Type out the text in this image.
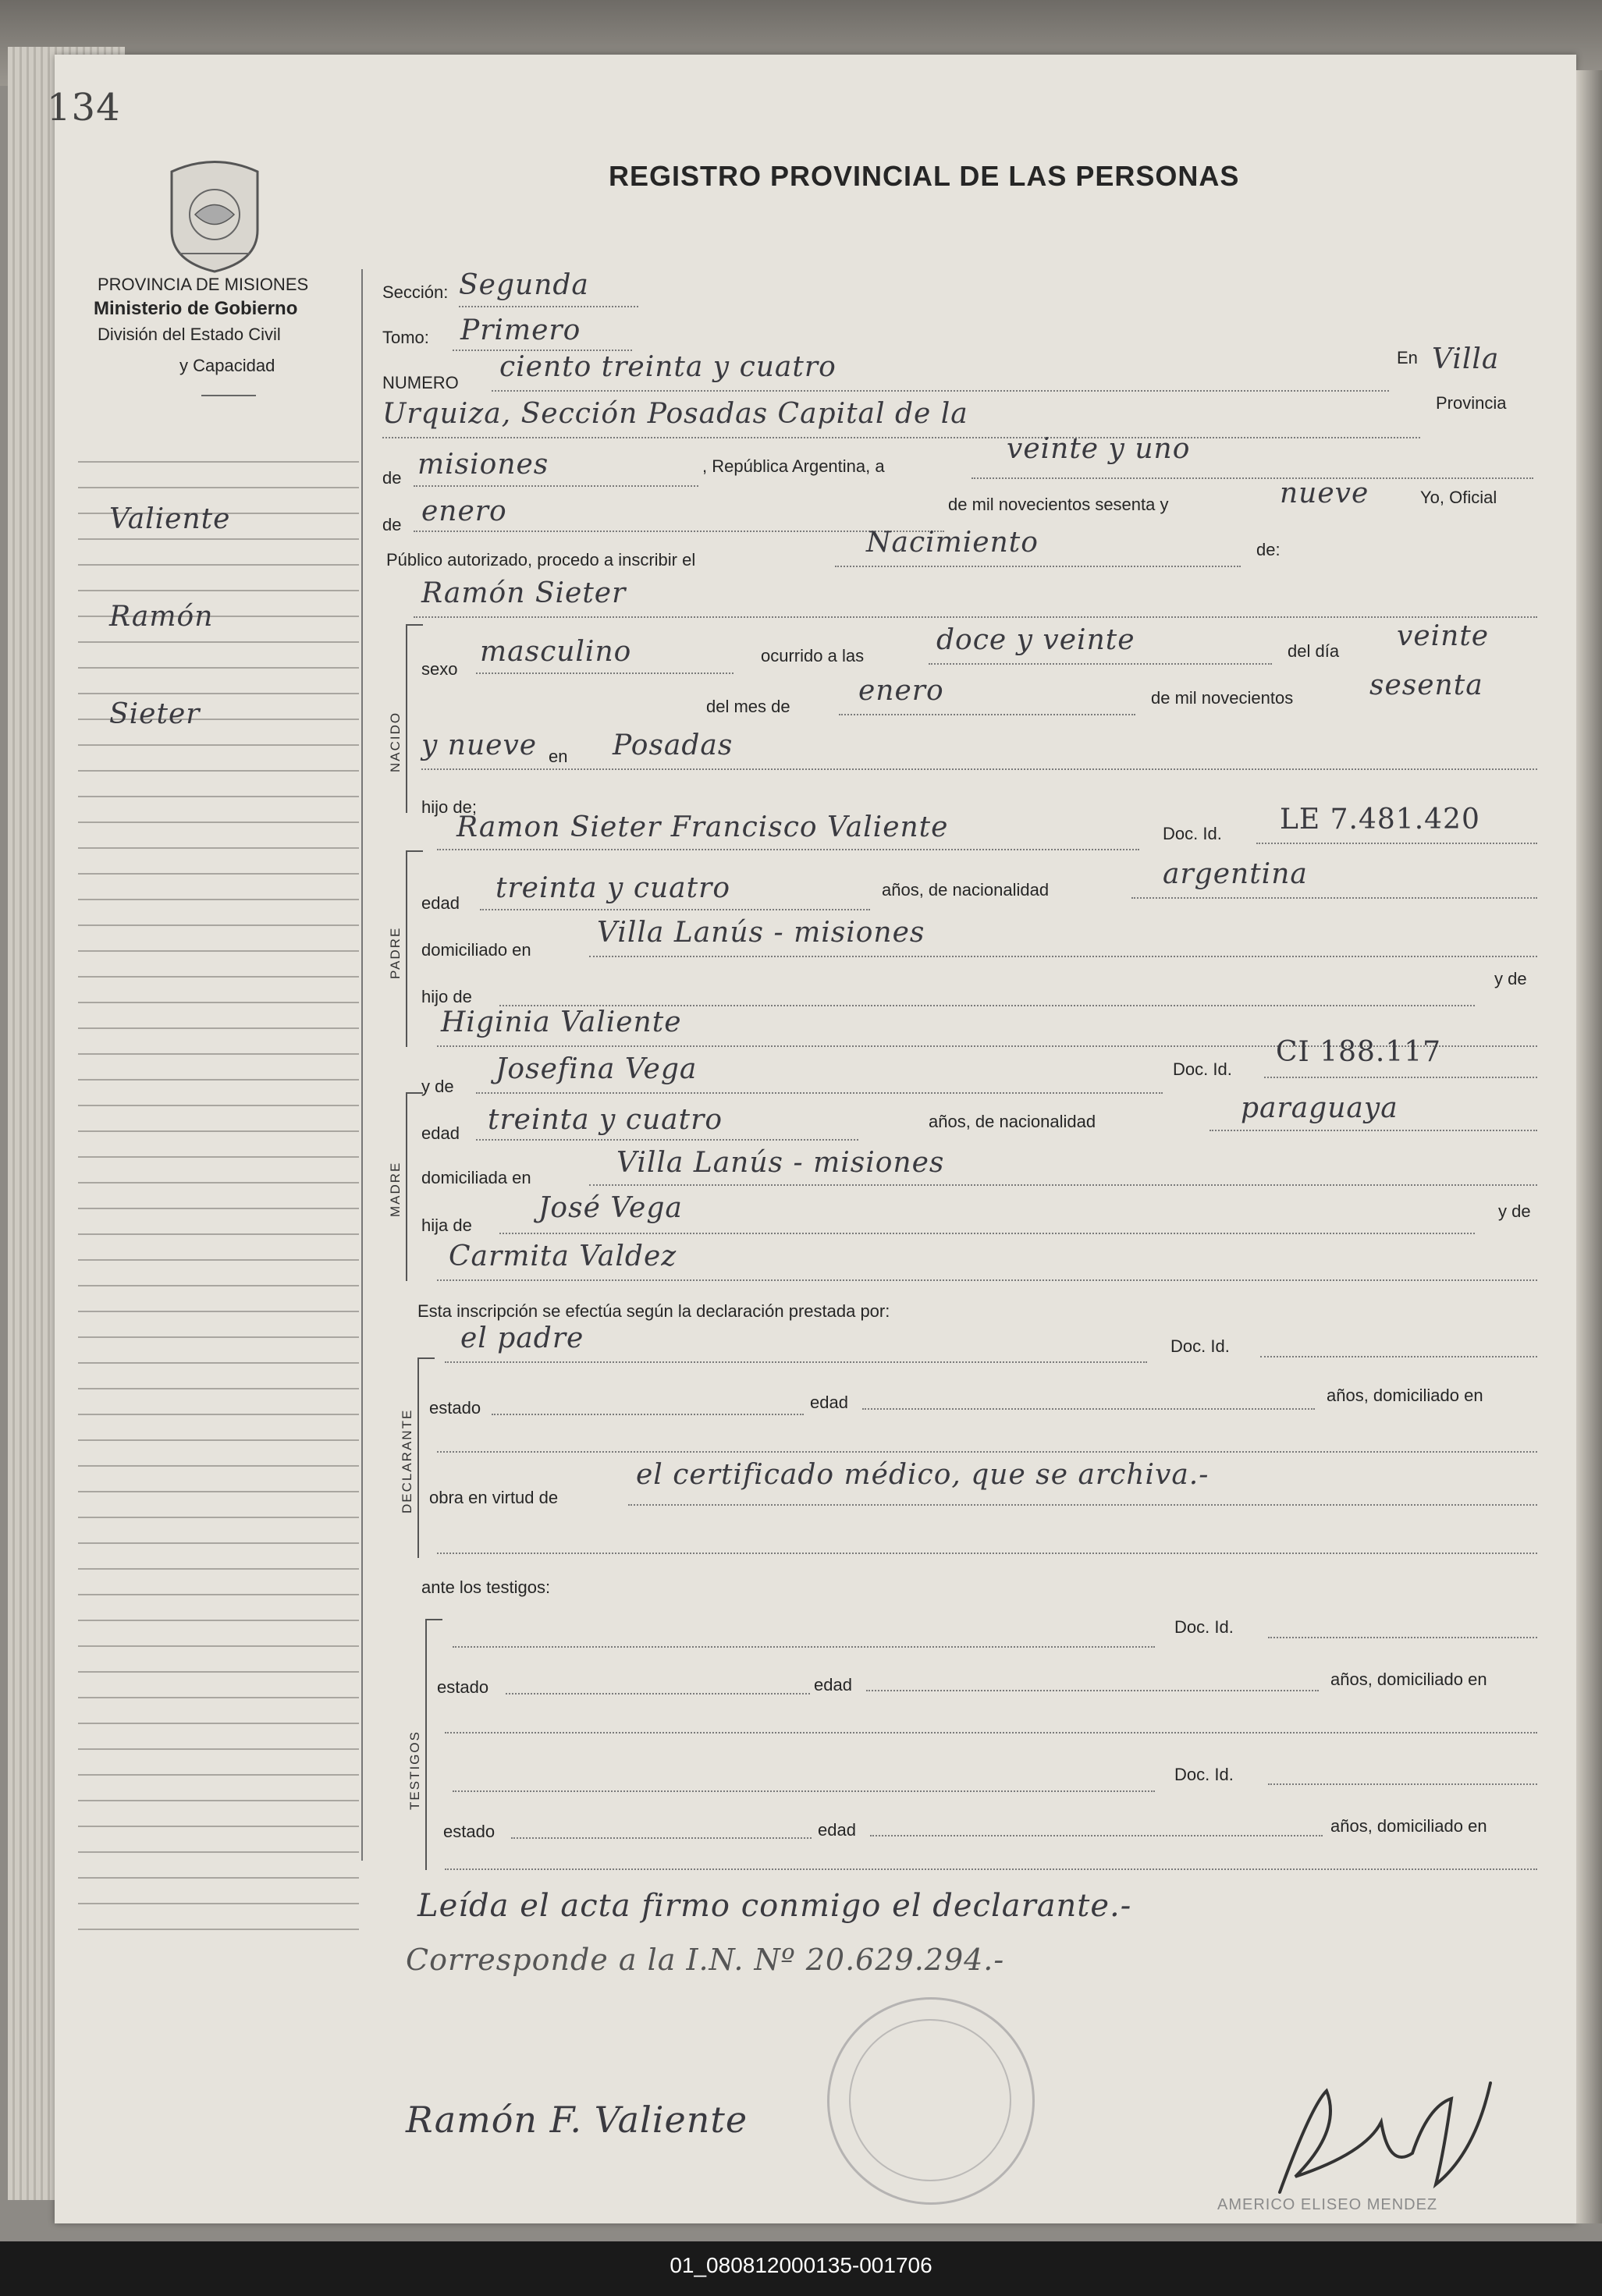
134
PROVINCIA DE MISIONES
Ministerio de Gobierno
División del Estado Civil
y Capacidad
REGISTRO PROVINCIAL DE LAS PERSONAS
Valiente
Ramón
Sieter
Sección: Segunda
Tomo: Primero
NUMERO ciento treinta y cuatro	En Villa
Urquiza, Sección Posadas Capital de la	Provincia
de misiones	, República Argentina, a
veinte y uno
de enero	de mil novecientos sesenta y	nueve	Yo, Oficial
Público autorizado, procedo a inscribir el
Nacimiento	de:
Ramón Sieter
NACIDO
sexo
masculino	ocurrido a las	doce y veinte	del día veinte
del mes de enero	de mil novecientos	sesenta
y nueve en Posadas
hijo de;
PADRE
Ramon Sieter Francisco Valiente	Doc. Id. LE 7.481.420
edad treinta y cuatro	años, de nacionalidad	argentina
domiciliado en
Villa Lanús - misiones
hijo de
y de
Higinia Valiente
y de
Josefina Vega	Doc. Id.
CI 188.117
MADRE
edad treinta y cuatro	años, de nacionalidad	paraguaya
domiciliada en	Villa Lanús - misiones
hija de
José Vega	y de
Carmita Valdez
Esta inscripción se efectúa según la declaración prestada por:
DECLARANTE
el padre	Doc. Id.
estado	edad	años, domiciliado en
obra en virtud de
el certificado médico, que se archiva.-
ante los testigos:
TESTIGOS
Doc. Id.
estado	edad	años, domiciliado en
Doc. Id.
estado	edad	años, domiciliado en
Leída el acta firmo conmigo el declarante.-
Corresponde a la I.N. Nº 20.629.294.-
Ramón F. Valiente
AMERICO ELISEO MENDEZ
01_080812000135-001706
